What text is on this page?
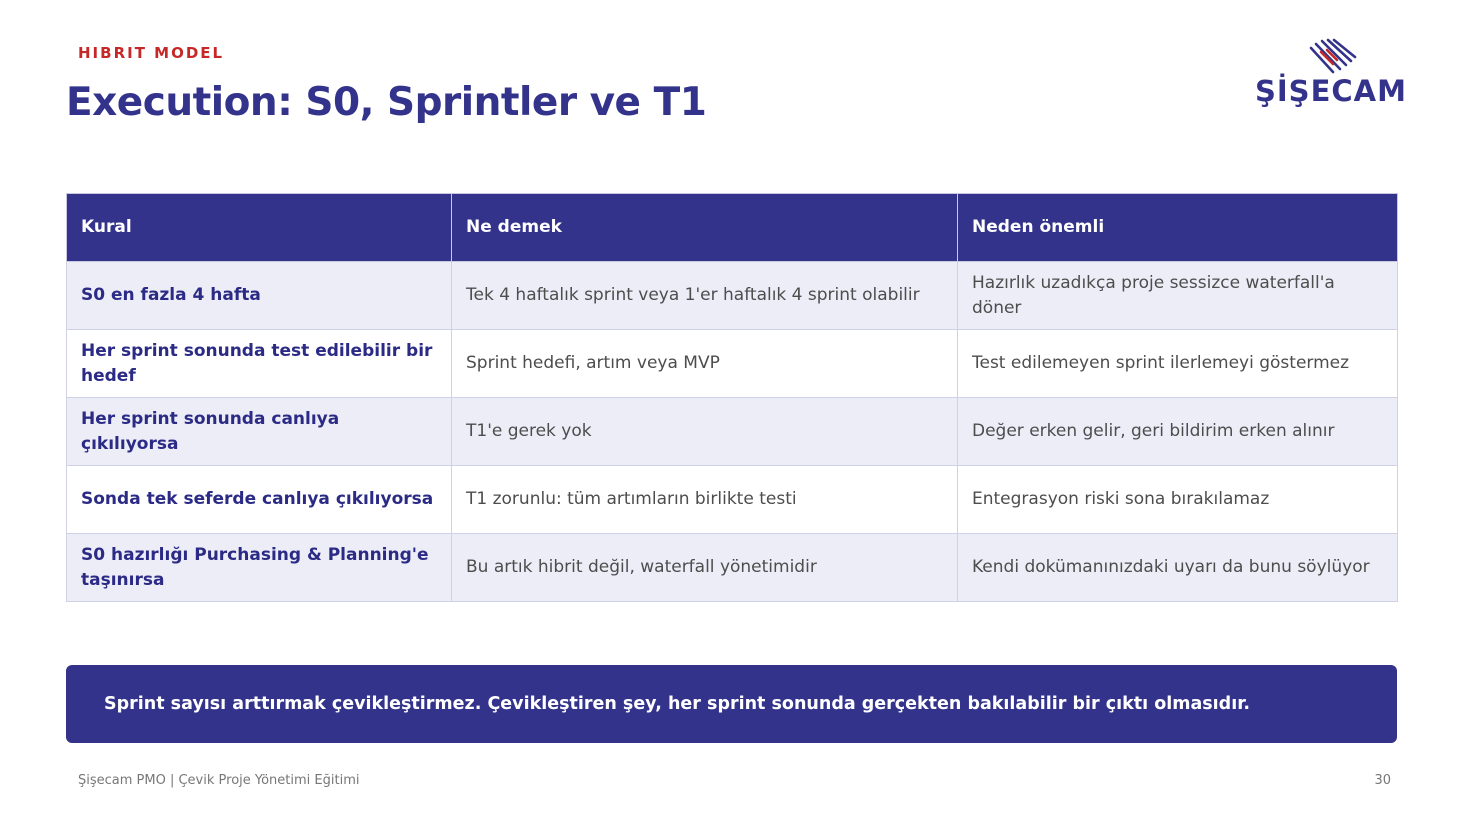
HIBRIT MODEL
Execution: S0, Sprintler ve T1	ŞİŞECAM
Kural	Ne demek	Neden önemli
S0 en fazla 4 hafta	Tek 4 haftalık sprint veya 1'er haftalık 4 sprint olabilir	Hazırlık uzadıkça proje sessizce waterfall'a döner
Her sprint sonunda test edilebilir bir hedef	Sprint hedefi, artım veya MVP	Test edilemeyen sprint ilerlemeyi göstermez
Her sprint sonunda canlıya çıkılıyorsa	T1'e gerek yok	Değer erken gelir, geri bildirim erken alınır
Sonda tek seferde canlıya çıkılıyorsa	T1 zorunlu: tüm artımların birlikte testi	Entegrasyon riski sona bırakılamaz
S0 hazırlığı Purchasing & Planning'e taşınırsa	Bu artık hibrit değil, waterfall yönetimidir	Kendi dokümanınızdaki uyarı da bunu söylüyor
Sprint sayısı arttırmak çevikleştirmez. Çevikleştiren şey, her sprint sonunda gerçekten bakılabilir bir çıktı olmasıdır.
Şişecam PMO | Çevik Proje Yönetimi Eğitimi	30
